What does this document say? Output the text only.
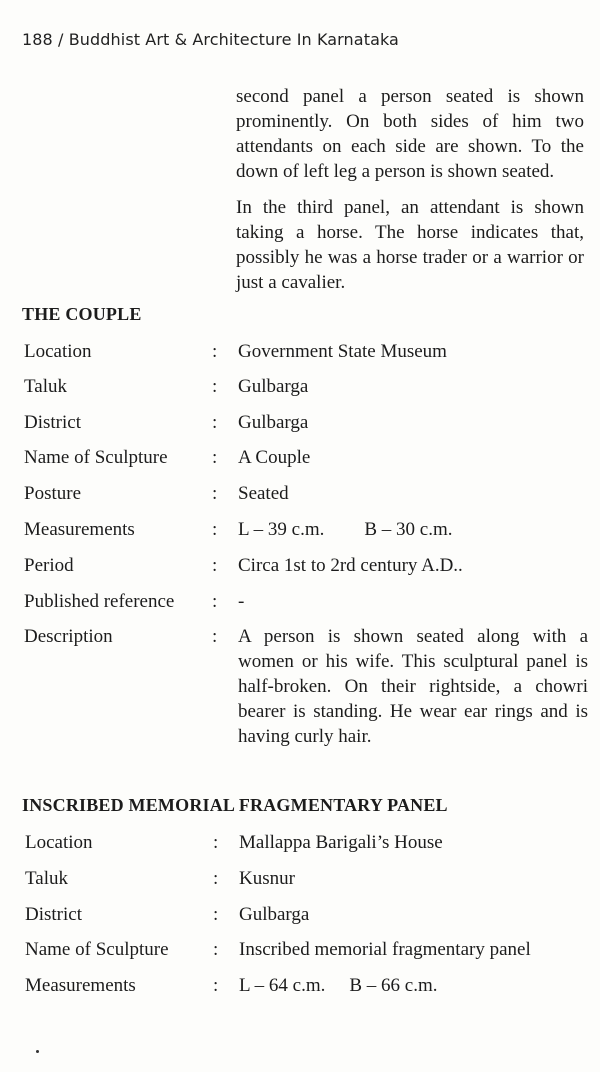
188 / Buddhist Art & Architecture In Karnataka

second panel a person seated is shown prominently. On both sides of him two attendants on each side are shown. To the down of left leg a person is shown seated.

In the third panel, an attendant is shown taking a horse. The horse indicates that, possibly he was a horse trader or a warrior or just a cavalier.

THE COUPLE
Location	: Government State Museum
Taluk	: Gulbarga
District	: Gulbarga
Name of Sculpture : A Couple
Posture	: Seated
Measurements	: L – 39 c.m. B – 30 c.m.
Period	: Circa 1st to 2rd century A.D..
Published reference : -
Description	: A person is shown seated along with a women or his wife. This sculptural panel is half-broken. On their rightside, a chowri bearer is standing. He wear ear rings and is having curly hair.

INSCRIBED MEMORIAL FRAGMENTARY PANEL
Location	: Mallappa Barigali’s House
Taluk	: Kusnur
District	: Gulbarga
Name of Sculpture : Inscribed memorial fragmentary panel
Measurements	: L – 64 c.m. B – 66 c.m.
